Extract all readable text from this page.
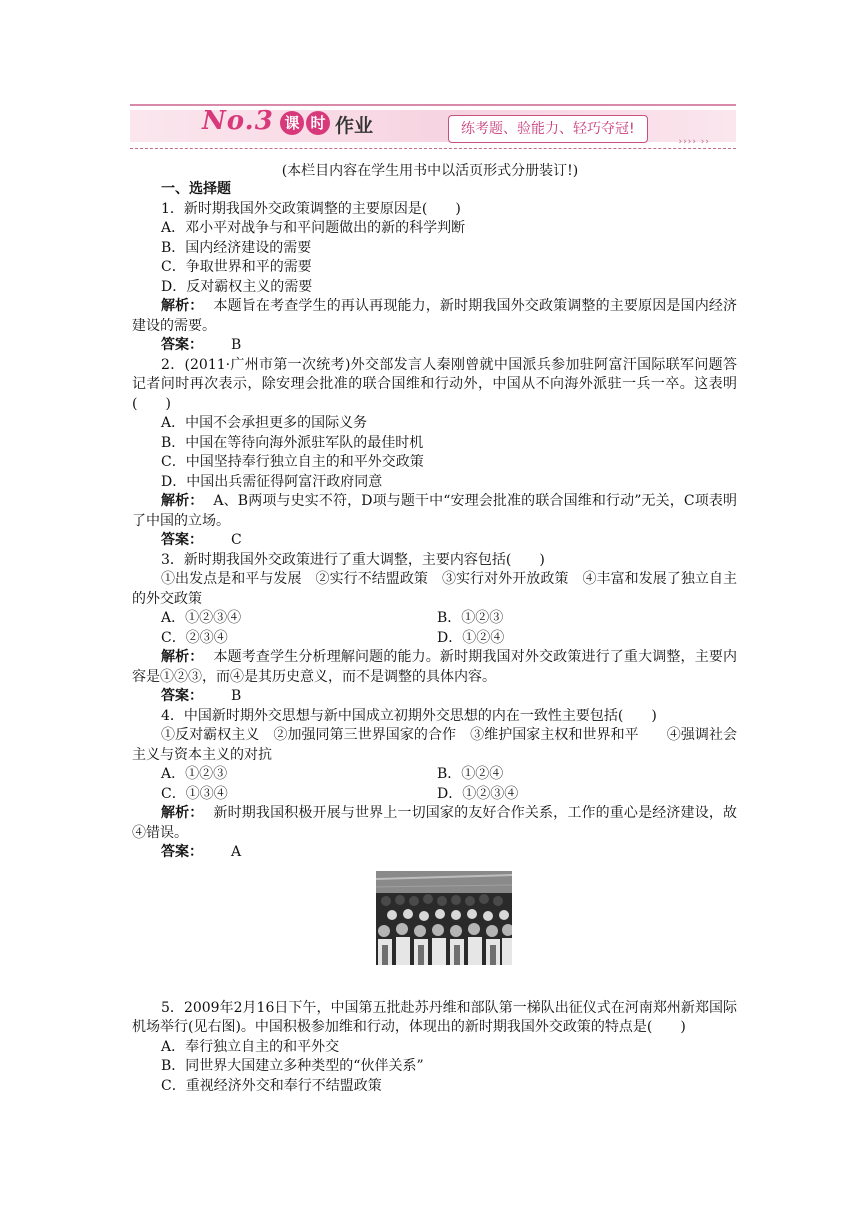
›››› ››
No.3 课 时 作业	练考题、验能力、轻巧夺冠!
(本栏目内容在学生用书中以活页形式分册装订!)
一、选择题
1．新时期我国外交政策调整的主要原因是(　　)
A．邓小平对战争与和平问题做出的新的科学判断
B．国内经济建设的需要
C．争取世界和平的需要
D．反对霸权主义的需要
解析： 本题旨在考查学生的再认再现能力，新时期我国外交政策调整的主要原因是国内经济建设的需要。
答案： B
2．(2011·广州市第一次统考)外交部发言人秦刚曾就中国派兵参加驻阿富汗国际联军问题答记者问时再次表示，除安理会批准的联合国维和行动外，中国从不向海外派驻一兵一卒。这表明(　　)
A．中国不会承担更多的国际义务
B．中国在等待向海外派驻军队的最佳时机
C．中国坚持奉行独立自主的和平外交政策
D．中国出兵需征得阿富汗政府同意
解析： A、B两项与史实不符，D项与题干中“安理会批准的联合国维和行动”无关，C项表明了中国的立场。
答案： C
3．新时期我国外交政策进行了重大调整，主要内容包括(　　)
①出发点是和平与发展　②实行不结盟政策　③实行对外开放政策　④丰富和发展了独立自主的外交政策
A．①②③④	B．①②③
C．②③④	D．①②④
解析： 本题考查学生分析理解问题的能力。新时期我国对外交政策进行了重大调整，主要内容是①②③，而④是其历史意义，而不是调整的具体内容。
答案： B
4．中国新时期外交思想与新中国成立初期外交思想的内在一致性主要包括(　　)
①反对霸权主义　②加强同第三世界国家的合作　③维护国家主权和世界和平　　④强调社会主义与资本主义的对抗
A．①②③	B．①②④
C．①③④	D．①②③④
解析： 新时期我国积极开展与世界上一切国家的友好合作关系，工作的重心是经济建设，故④错误。
答案： A
5．2009年2月16日下午，中国第五批赴苏丹维和部队第一梯队出征仪式在河南郑州新郑国际机场举行(见右图)。中国积极参加维和行动，体现出的新时期我国外交政策的特点是(　　)
A．奉行独立自主的和平外交
B．同世界大国建立多种类型的“伙伴关系”
C．重视经济外交和奉行不结盟政策
